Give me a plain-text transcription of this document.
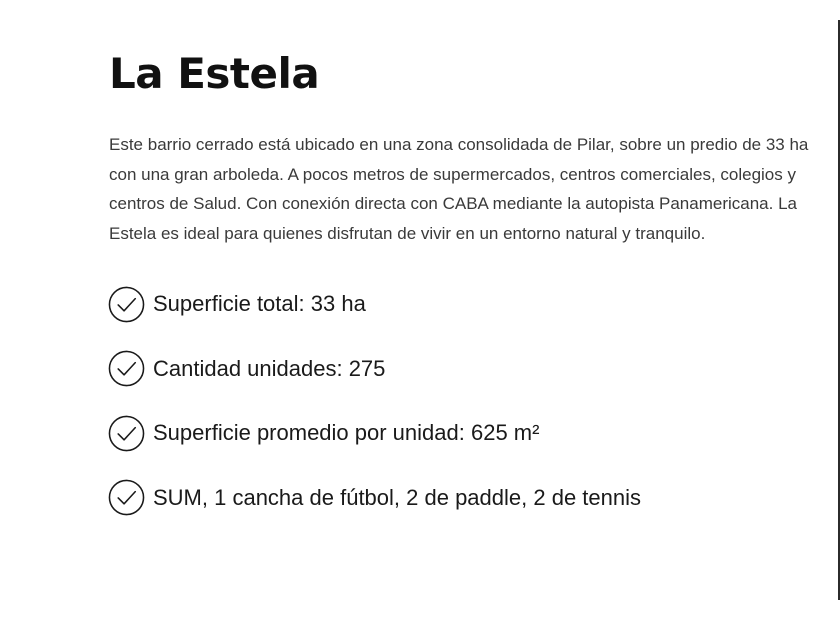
La Estela

Este barrio cerrado está ubicado en una zona consolidada de Pilar, sobre un predio de 33 ha con una gran arboleda. A pocos metros de supermercados, centros comerciales, colegios y centros de Salud. Con conexión directa con CABA mediante la autopista Panamericana. La Estela es ideal para quienes disfrutan de vivir en un entorno natural y tranquilo.

Superficie total: 33 ha
Cantidad unidades: 275
Superficie promedio por unidad: 625 m²
SUM, 1 cancha de fútbol, 2 de paddle, 2 de tennis
